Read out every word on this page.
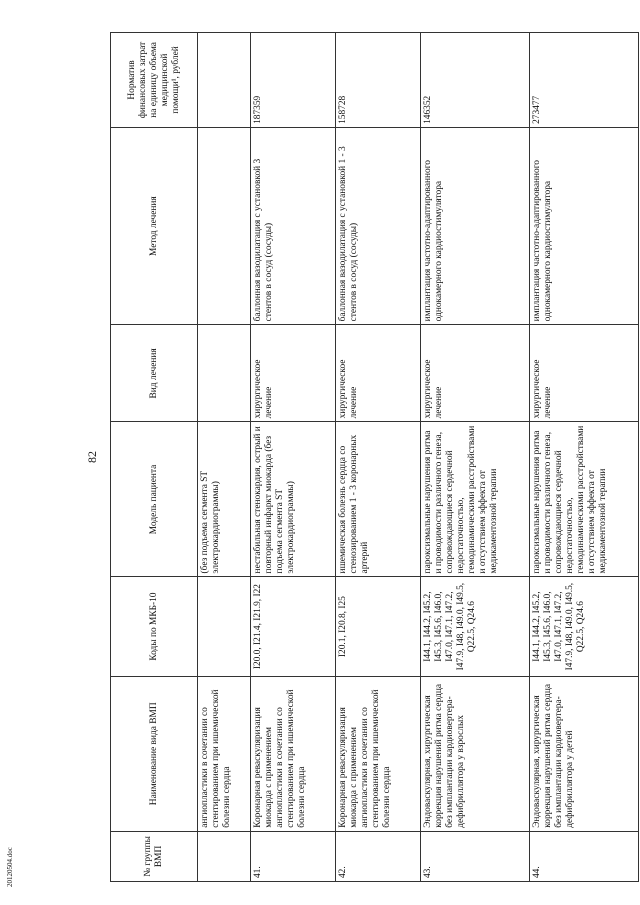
82
№ группы ВМП	Наименование вида ВМП	Коды по МКБ-10	Модель пациента	Вид лечения	Метод лечения	Норматив финансовых затрат на единицу объема медицинской помощи¹, рублей
	ангиопластики в сочетании со стентированием при ишемической болезни сердца		(без подъема сегмента ST электрокардиограммы)			
41.	Коронарная реваскуляризация миокарда с применением ангиопластики в сочетании со стентированием при ишемической болезни сердца	I20.0, I21.4, I21.9, I22	нестабильная стенокардия, острый и повторный инфаркт миокарда (без подъема сегмента ST электрокардиограммы)	хирургическое лечение	баллонная вазодилатация с установкой 3 стентов в сосуд (сосуды)	187359
42.	Коронарная реваскуляризация миокарда с применением ангиопластики в сочетании со стентированием при ишемической болезни сердца	I20.1, I20.8, I25	ишемическая болезнь сердца со стенозированием 1 - 3 коронарных артерий	хирургическое лечение	баллонная вазодилатация с установкой 1 - 3 стентов в сосуд (сосуды)	158728
43.	Эндоваскулярная, хирургическая коррекция нарушений ритма сердца без имплантации кардиовертера-дефибриллятора у взрослых	I44.1, I44.2, I45.2, I45.3, I45.6, I46.0, I47.0, I47.1, I47.2, I47.9, I48, I49.0, I49.5, Q22.5, Q24.6	пароксизмальные нарушения ритма и проводимости различного генеза, сопровождающиеся сердечной недостаточностью, гемодинамическими расстройствами и отсутствием эффекта от медикаментозной терапии	хирургическое лечение	имплантация частотно-адаптированного однокамерного кардиостимулятора	146352
44.	Эндоваскулярная, хирургическая коррекция нарушений ритма сердца без имплантации кардиовертера-дефибриллятора у детей	I44.1, I44.2, I45.2, I45.3, I45.6, I46.0, I47.0, I47.1, I47.2, I47.9, I48, I49.0, I49.5, Q22.5, Q24.6	пароксизмальные нарушения ритма и проводимости различного генеза, сопровождающиеся сердечной недостаточностью, гемодинамическими расстройствами и отсутствием эффекта от медикаментозной терапии	хирургическое лечение	имплантация частотно-адаптированного однокамерного кардиостимулятора	273477
20120504.doc
